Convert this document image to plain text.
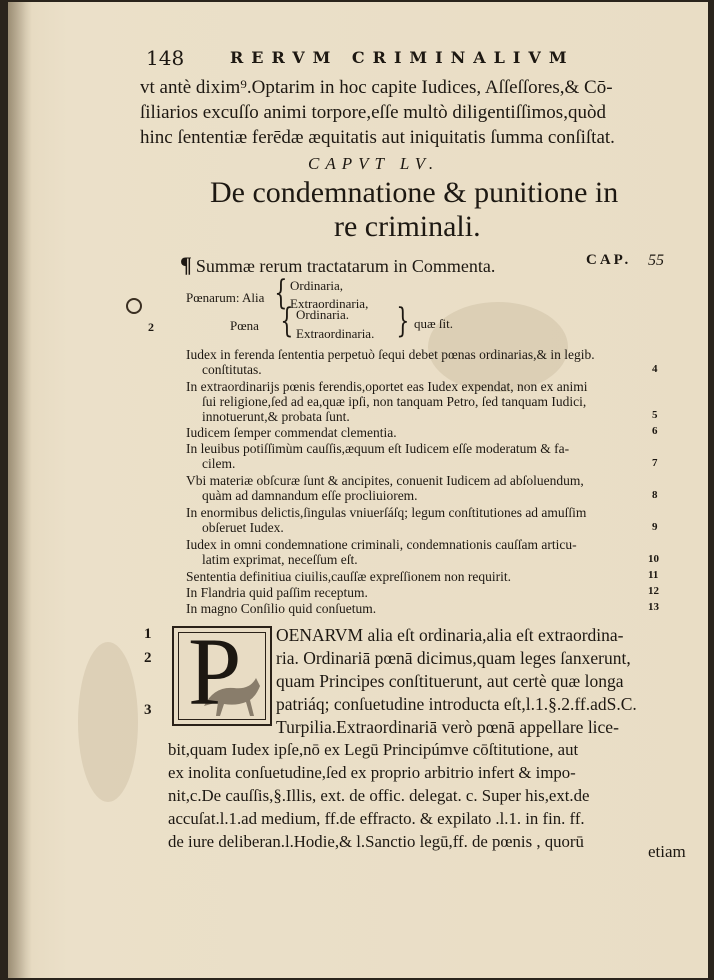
148	RERVM CRIMINALIVM
vt antè dixim⁹.Optarim in hoc capite Iudices, Aſſeſſores,& Cō-
ſiliarios excuſſo animi torpore,eſſe multò diligentiſſimos,quòd
hinc ſententiæ ferēdæ æquitatis aut iniquitatis ſumma conſiſtat.
CAPVT LV.
De condemnatione & punitione in
re criminali.
¶ Summæ rerum tractatarum in Commenta.	CAP. 55
2
Pœnarum: Alia { Ordinaria,
Extraordinaria,
Pœna { Ordinaria.
Extraordinaria. } quæ ſit.
Iudex in ferenda ſententia perpetuò ſequi debet pœnas ordinarias,& in legib.
conſtitutas.	4
In extraordinarijs pœnis ferendis,oportet eas Iudex expendat, non ex animi
ſui religione,ſed ad ea,quæ ipſi, non tanquam Petro, ſed tanquam Iudici,
innotuerunt,& probata ſunt.	5
Iudicem ſemper commendat clementia.	6
In leuibus potiſſimùm cauſſis,æquum eſt Iudicem eſſe moderatum & fa-
cilem.	7
Vbi materiæ obſcuræ ſunt & ancipites, conuenit Iudicem ad abſoluendum,
quàm ad damnandum eſſe procliuiorem.	8
In enormibus delictis,ſingulas vniuerſáſq; legum conſtitutiones ad amuſſim
obſeruet Iudex.	9
Iudex in omni condemnatione criminali, condemnationis cauſſam articu-
latim exprimat, neceſſum eſt.	10
Sententia definitiua ciuilis,cauſſæ expreſſionem non requirit.	11
In Flandria quid paſſim receptum.	12
In magno Conſilio quid conſuetum.	13
1
2
3 P OENARVM alia eſt ordinaria,alia eſt extraordina-
ria. Ordinariā pœnā dicimus,quam leges ſanxerunt,
quam Principes conſtituerunt, aut certè quæ longa
patriáq; conſuetudine introducta eſt,l.1.§.2.ff.adS.C.
Turpilia.Extraordinariā verò pœnā appellare lice-
bit,quam Iudex ipſe,nō ex Legū Principúmve cōſtitutione, aut
ex inolita conſuetudine,ſed ex proprio arbitrio infert & impo-
nit,c.De cauſſis,§.Illis, ext. de offic. delegat. c. Super his,ext.de
accuſat.l.1.ad medium, ff.de effracto. & expilato .l.1. in fin. ff.
de iure deliberan.l.Hodie,& l.Sanctio legū,ff. de pœnis , quorū
etiam
